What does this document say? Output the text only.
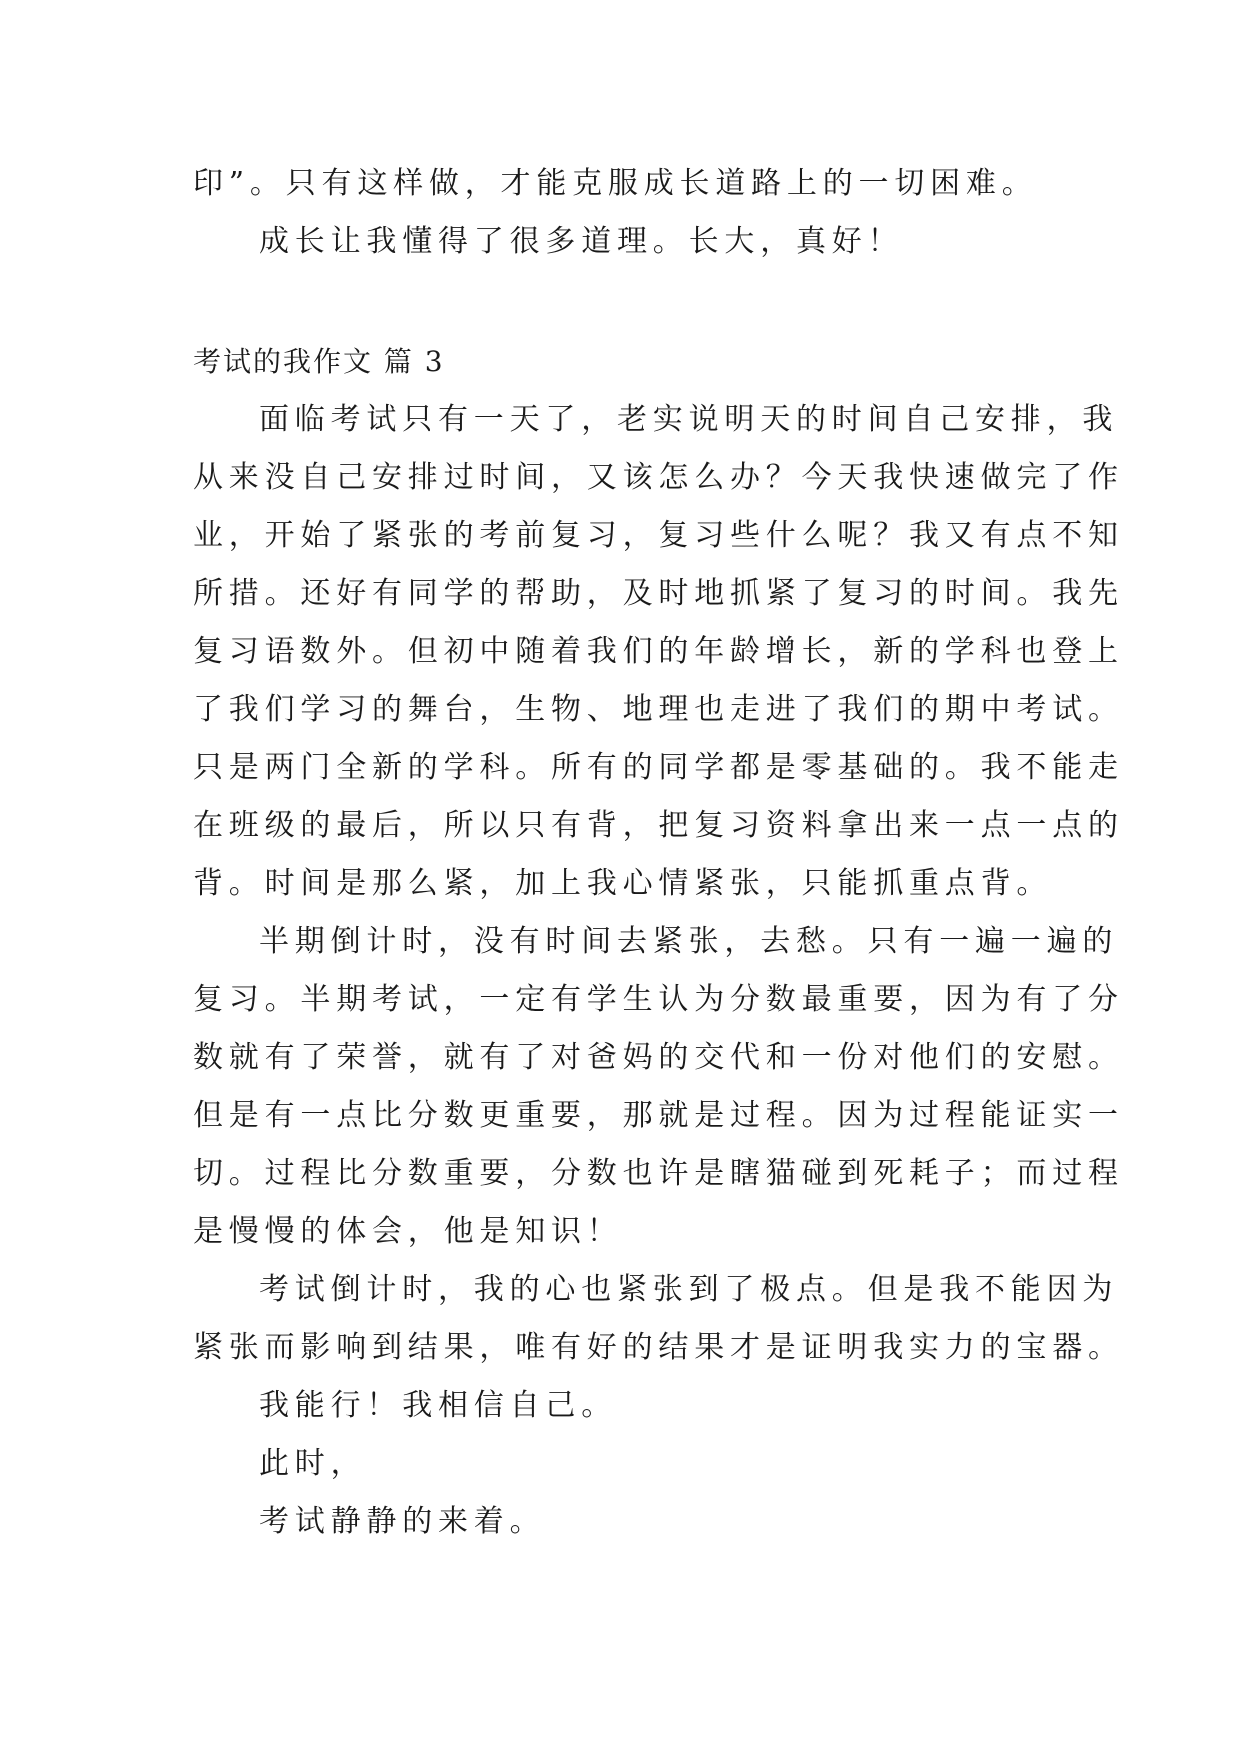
印”。只有这样做，才能克服成长道路上的一切困难。

成长让我懂得了很多道理。长大，真好！

考试的我作文 篇 3

面临考试只有一天了，老实说明天的时间自己安排，我

从来没自己安排过时间，又该怎么办？今天我快速做完了作

业，开始了紧张的考前复习，复习些什么呢？我又有点不知

所措。还好有同学的帮助，及时地抓紧了复习的时间。我先

复习语数外。但初中随着我们的年龄增长，新的学科也登上

了我们学习的舞台，生物、地理也走进了我们的期中考试。

只是两门全新的学科。所有的同学都是零基础的。我不能走

在班级的最后，所以只有背，把复习资料拿出来一点一点的

背。时间是那么紧，加上我心情紧张，只能抓重点背。

半期倒计时，没有时间去紧张，去愁。只有一遍一遍的

复习。半期考试，一定有学生认为分数最重要，因为有了分

数就有了荣誉，就有了对爸妈的交代和一份对他们的安慰。

但是有一点比分数更重要，那就是过程。因为过程能证实一

切。过程比分数重要，分数也许是瞎猫碰到死耗子；而过程

是慢慢的体会，他是知识！

考试倒计时，我的心也紧张到了极点。但是我不能因为

紧张而影响到结果，唯有好的结果才是证明我实力的宝器。

我能行！我相信自己。

此时，

考试静静的来着。
